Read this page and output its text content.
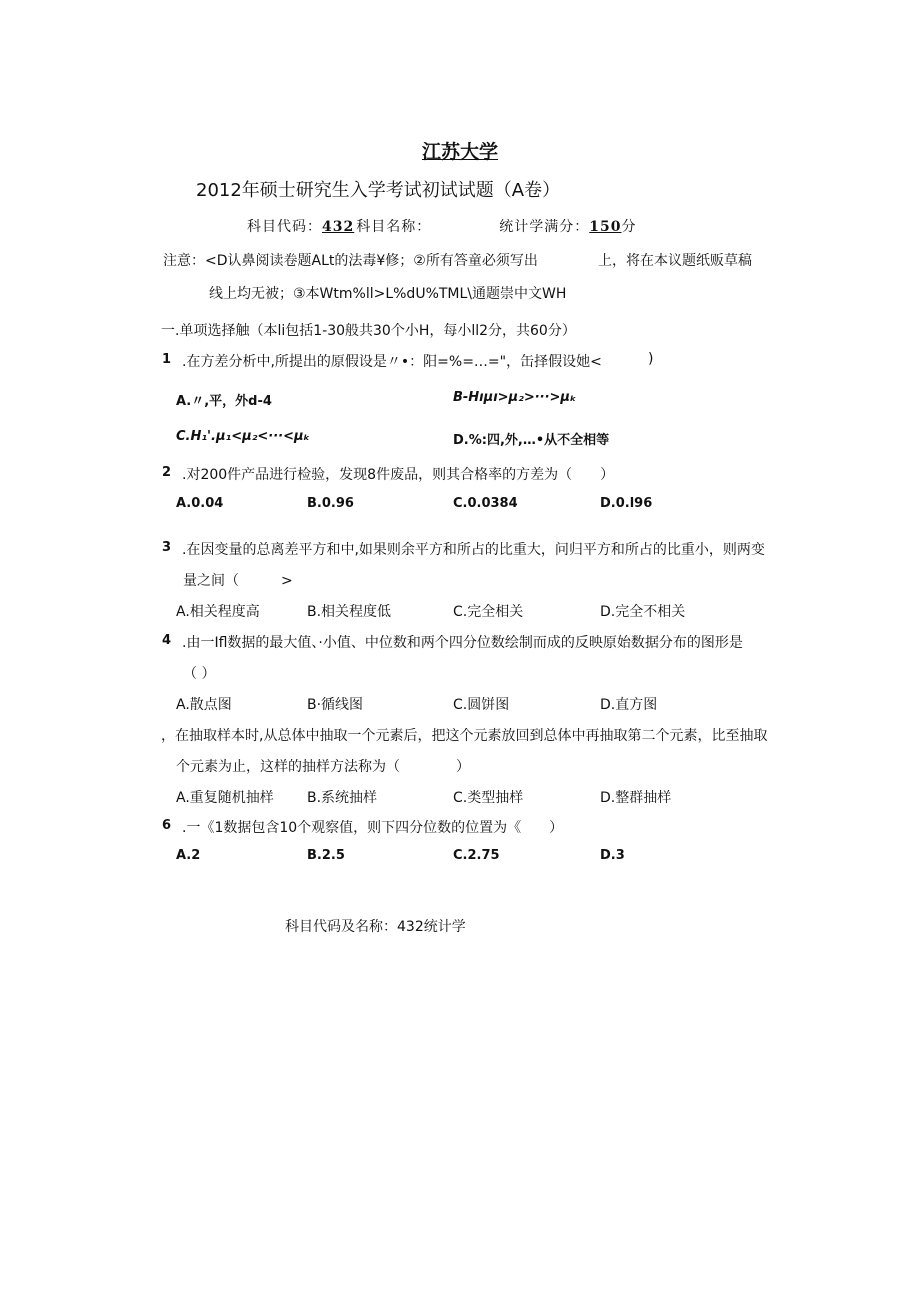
江苏大学
2012年硕士研究生入学考试初试试题（A卷）
科目代码：432 科目名称：	统计学满分：150分
注意：<D认鼻阅读卷题ALt的法毒¥修；②所有答童必须写出	上，将在本议题纸贩草稿
线上均无被；③本Wtm%ll>L%dU%TML\通题崇中文WH
一.单项选择触（本li包括1-30般共30个小H，每小ll2分，共60分）
1 .在方差分析中,所提出的原假设是〃•：阳=%=…="，缶择假设她<	)
A.〃,平，外d-4	B-Hıμı>μ₂>···>μₖ
C.H₁'.μ₁<μ₂<···<μₖ	D.%:四,外,…•从不全相等
2 .对200件产品进行检验，发现8件废品，则其合格率的方差为（　　）
A.0.04	B.0.96	C.0.0384	D.0.l96
3 .在因变量的总离差平方和中,如果则余平方和所占的比重大，问归平方和所占的比重小，则两变
量之间（　　　>
A.相关程度高	B.相关程度低	C.完全相关	D.完全不相关
4 .由一Ifl数据的最大值、·小值、中位数和两个四分位数绘制而成的反映原始数据分布的图形是
（ ）
A.散点图	B·循线图	C.圆饼图	D.直方图
，在抽取样本时,从总体中抽取一个元素后，把这个元素放回到总体中再抽取第二个元素，比至抽取
个元素为止，这样的抽样方法称为（　　　　）
A.重复随机抽样 B.系统抽样	C.类型抽样	D.整群抽样
6 .一《1数据包含10个观察值，则下四分位数的位置为《　　）
A.2	B.2.5	C.2.75	D.3
科目代码及名称：432统计学
